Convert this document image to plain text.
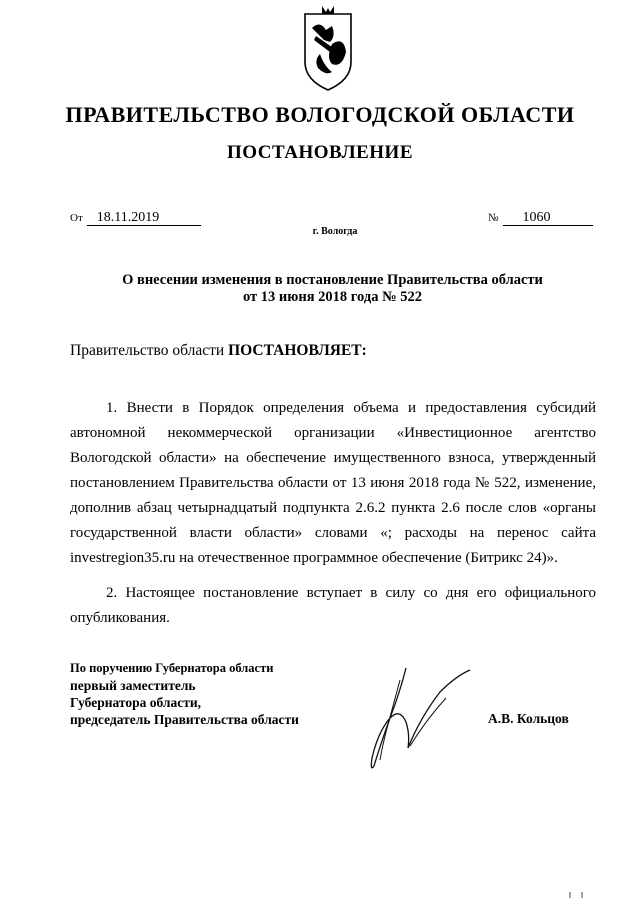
ПРАВИТЕЛЬСТВО ВОЛОГОДСКОЙ ОБЛАСТИ
ПОСТАНОВЛЕНИЕ
От 18.11.2019	№ 1060
г. Вологда
О внесении изменения в постановление Правительства области
от 13 июня 2018 года № 522
Правительство области ПОСТАНОВЛЯЕТ:
1. Внести в Порядок определения объема и предоставления субсидий автономной некоммерческой организации «Инвестиционное агентство Вологодской области» на обеспечение имущественного взноса, утвержденный постановлением Правительства области от 13 июня 2018 года № 522, изменение, дополнив абзац четырнадцатый подпункта 2.6.2 пункта 2.6 после слов «органы государственной власти области» словами «; расходы на перенос сайта investregion35.ru на отечественное программное обеспечение (Битрикс 24)».
2. Настоящее постановление вступает в силу со дня его официального опубликования.
По поручению Губернатора области
первый заместитель
Губернатора области,
председатель Правительства области	А.В. Кольцов
